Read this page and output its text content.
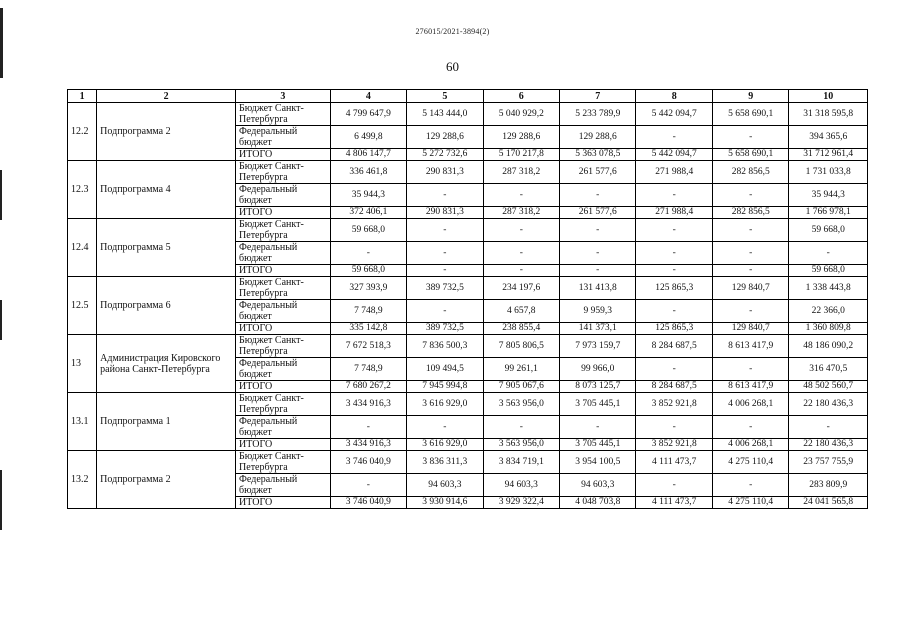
276015/2021-3894(2)
60
1	2	3	4	5	6	7	8	9	10
12.2	Подпрограмма 2	Бюджет Санкт-Петербурга	4 799 647,9	5 143 444,0	5 040 929,2	5 233 789,9	5 442 094,7	5 658 690,1	31 318 595,8
		Федеральный бюджет	6 499,8	129 288,6	129 288,6	129 288,6	-	-	394 365,6
		ИТОГО	4 806 147,7	5 272 732,6	5 170 217,8	5 363 078,5	5 442 094,7	5 658 690,1	31 712 961,4
12.3	Подпрограмма 4	Бюджет Санкт-Петербурга	336 461,8	290 831,3	287 318,2	261 577,6	271 988,4	282 856,5	1 731 033,8
		Федеральный бюджет	35 944,3	-	-	-	-	-	35 944,3
		ИТОГО	372 406,1	290 831,3	287 318,2	261 577,6	271 988,4	282 856,5	1 766 978,1
12.4	Подпрограмма 5	Бюджет Санкт-Петербурга	59 668,0	-	-	-	-	-	59 668,0
		Федеральный бюджет	-	-	-	-	-	-	-
		ИТОГО	59 668,0	-	-	-	-	-	59 668,0
12.5	Подпрограмма 6	Бюджет Санкт-Петербурга	327 393,9	389 732,5	234 197,6	131 413,8	125 865,3	129 840,7	1 338 443,8
		Федеральный бюджет	7 748,9	-	4 657,8	9 959,3	-	-	22 366,0
		ИТОГО	335 142,8	389 732,5	238 855,4	141 373,1	125 865,3	129 840,7	1 360 809,8
13	Администрация Кировского района Санкт-Петербурга	Бюджет Санкт-Петербурга	7 672 518,3	7 836 500,3	7 805 806,5	7 973 159,7	8 284 687,5	8 613 417,9	48 186 090,2
		Федеральный бюджет	7 748,9	109 494,5	99 261,1	99 966,0	-	-	316 470,5
		ИТОГО	7 680 267,2	7 945 994,8	7 905 067,6	8 073 125,7	8 284 687,5	8 613 417,9	48 502 560,7
13.1	Подпрограмма 1	Бюджет Санкт-Петербурга	3 434 916,3	3 616 929,0	3 563 956,0	3 705 445,1	3 852 921,8	4 006 268,1	22 180 436,3
		Федеральный бюджет	-	-	-	-	-	-	-
		ИТОГО	3 434 916,3	3 616 929,0	3 563 956,0	3 705 445,1	3 852 921,8	4 006 268,1	22 180 436,3
13.2	Подпрограмма 2	Бюджет Санкт-Петербурга	3 746 040,9	3 836 311,3	3 834 719,1	3 954 100,5	4 111 473,7	4 275 110,4	23 757 755,9
		Федеральный бюджет	-	94 603,3	94 603,3	94 603,3	-	-	283 809,9
		ИТОГО	3 746 040,9	3 930 914,6	3 929 322,4	4 048 703,8	4 111 473,7	4 275 110,4	24 041 565,8
